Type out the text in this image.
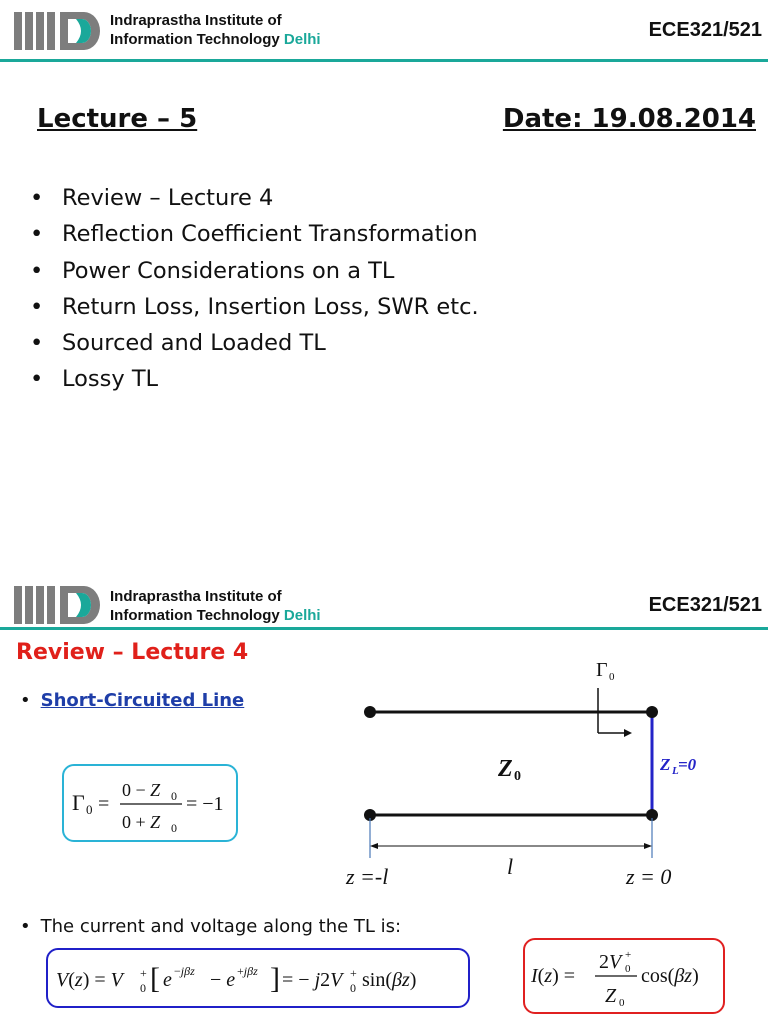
Indraprastha Institute of
Information Technology Delhi	ECE321/521
Lecture – 5	Date: 19.08.2014
• Review – Lecture 4
• Reflection Coefficient Transformation
• Power Considerations on a TL
• Return Loss, Insertion Loss, SWR etc.
• Sourced and Loaded TL
• Lossy TL
Indraprastha Institute of
Information Technology Delhi	ECE321/521
Review – Lecture 4
• Short-Circuited Line
Γ 0 =
0 − Z 0
0 + Z 0
= −1
Γ 0
Z 0
Z L =0
l
z =-l	z = 0
• The current and voltage along the TL is:
V(z) = V +
0 [ e −jβz − e +jβz ] = − j2V +
0 sin(βz)	I(z) =
2V +
0
Z 0
cos(βz)
